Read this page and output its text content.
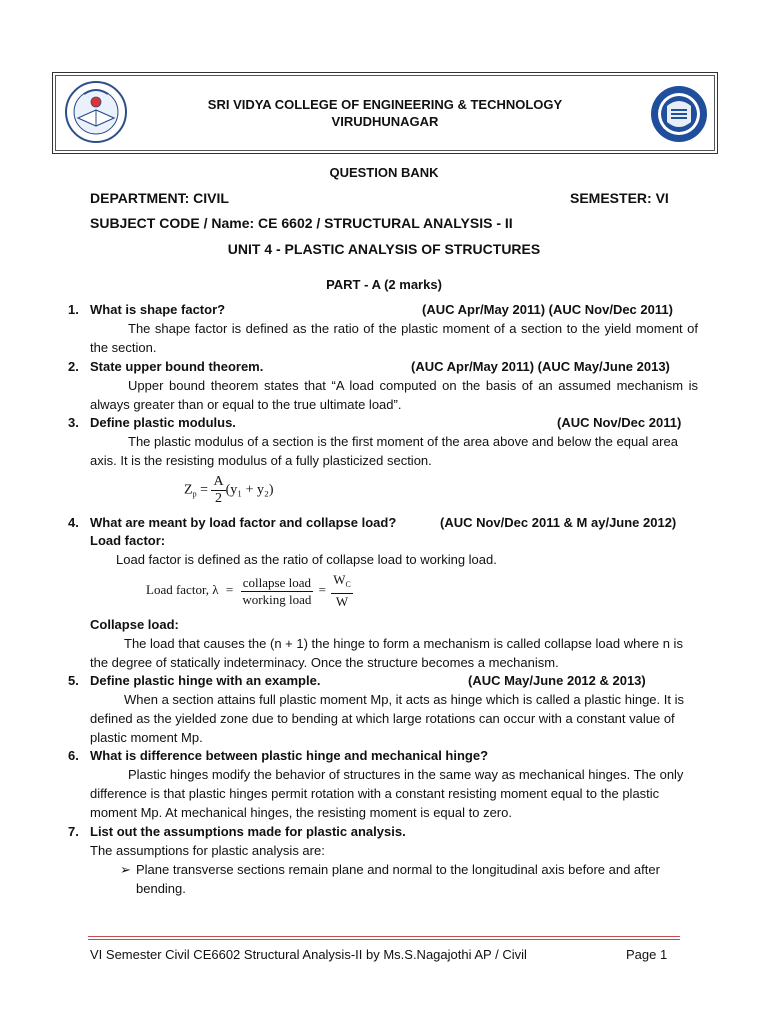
SRI VIDYA COLLEGE OF ENGINEERING & TECHNOLOGY
VIRUDHUNAGAR
QUESTION BANK
DEPARTMENT: CIVIL	SEMESTER: VI
SUBJECT CODE / Name: CE 6602 / STRUCTURAL ANALYSIS - II
UNIT 4 - PLASTIC ANALYSIS OF STRUCTURES
PART - A (2 marks)
1. What is shape factor?	(AUC Apr/May 2011) (AUC Nov/Dec 2011)
The shape factor is defined as the ratio of the plastic moment of a section to the yield moment of the section.
2. State upper bound theorem.	(AUC Apr/May 2011) (AUC May/June 2013)
Upper bound theorem states that “A load computed on the basis of an assumed mechanism is always greater than or equal to the true ultimate load”.
3. Define plastic modulus.	(AUC Nov/Dec 2011)
The plastic modulus of a section is the first moment of the area above and below the equal area axis. It is the resisting modulus of a fully plasticized section.
$Z_p = \frac{A}{2} (y_1 + y_2)$
4. What are meant by load factor and collapse load?	(AUC Nov/Dec 2011 & M ay/June 2012)
Load factor:
Load factor is defined as the ratio of collapse load to working load.
Load factor, $\lambda = \frac{\text{collapse load}}{\text{working load}} = \frac{W_C}{W}$
Collapse load:
The load that causes the (n + 1) the hinge to form a mechanism is called collapse load where n is the degree of statically indeterminacy. Once the structure becomes a mechanism.
5. Define plastic hinge with an example.	(AUC May/June 2012 & 2013)
When a section attains full plastic moment Mp, it acts as hinge which is called a plastic hinge. It is defined as the yielded zone due to bending at which large rotations can occur with a constant value of plastic moment Mp.
6. What is difference between plastic hinge and mechanical hinge?
Plastic hinges modify the behavior of structures in the same way as mechanical hinges. The only difference is that plastic hinges permit rotation with a constant resisting moment equal to the plastic moment Mp. At mechanical hinges, the resisting moment is equal to zero.
7. List out the assumptions made for plastic analysis.
The assumptions for plastic analysis are:
➢ Plane transverse sections remain plane and normal to the longitudinal axis before and after bending.
VI Semester Civil CE6602 Structural Analysis-II by Ms.S.Nagajothi AP / Civil	Page 1
